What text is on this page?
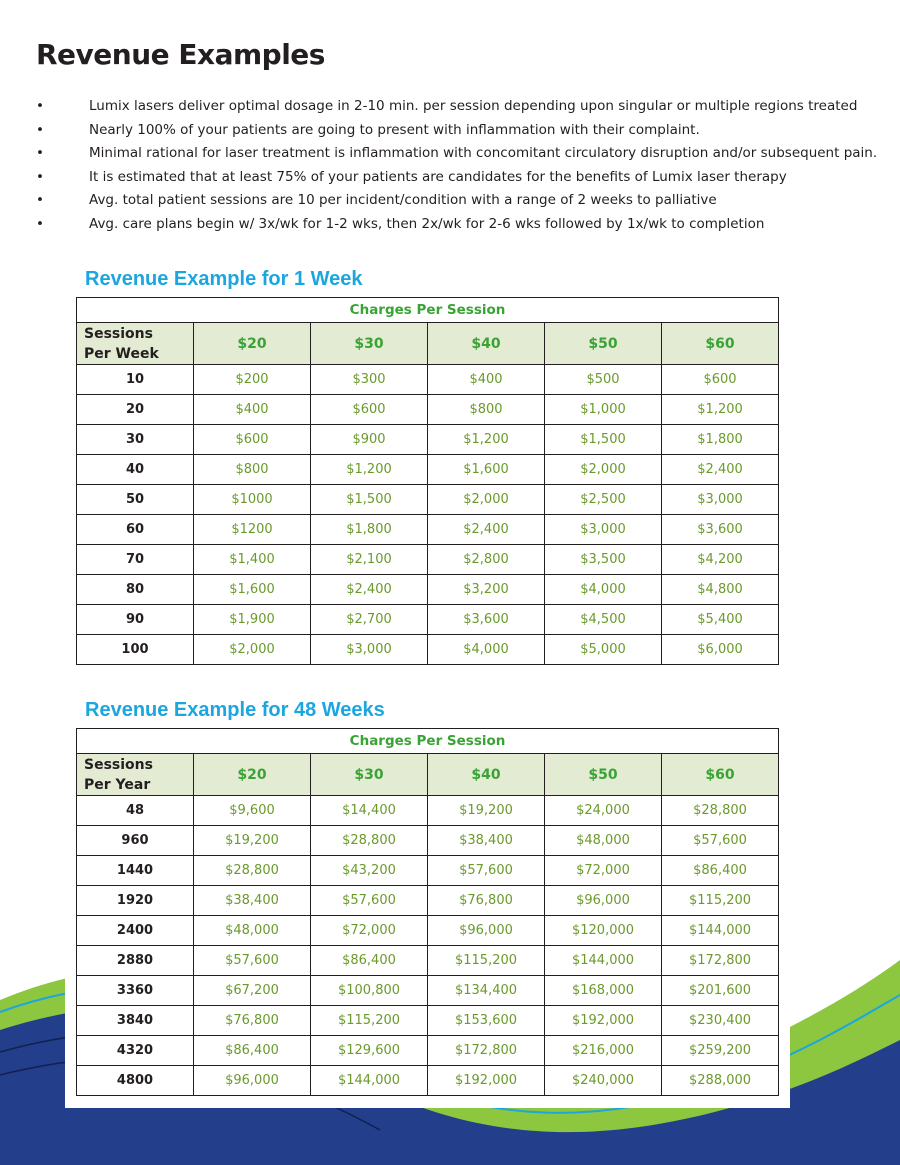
Revenue Examples
• Lumix lasers deliver optimal dosage in 2-10 min. per session depending upon singular or multiple regions treated
• Nearly 100% of your patients are going to present with inflammation with their complaint.
• Minimal rational for laser treatment is inflammation with concomitant circulatory disruption and/or subsequent pain.
• It is estimated that at least 75% of your patients are candidates for the benefits of Lumix laser therapy
• Avg. total patient sessions are 10 per incident/condition with a range of 2 weeks to palliative
• Avg. care plans begin w/ 3x/wk for 1-2 wks, then 2x/wk for 2-6 wks followed by 1x/wk to completion
Revenue Example for 1 Week
Charges Per Session					
Sessions
Per Week	$20	$30	$40	$50	$60
10	$200	$300	$400	$500	$600
20	$400	$600	$800	$1,000	$1,200
30	$600	$900	$1,200	$1,500	$1,800
40	$800	$1,200	$1,600	$2,000	$2,400
50	$1000	$1,500	$2,000	$2,500	$3,000
60	$1200	$1,800	$2,400	$3,000	$3,600
70	$1,400	$2,100	$2,800	$3,500	$4,200
80	$1,600	$2,400	$3,200	$4,000	$4,800
90	$1,900	$2,700	$3,600	$4,500	$5,400
100	$2,000	$3,000	$4,000	$5,000	$6,000
Revenue Example for 48 Weeks
Charges Per Session					
Sessions
Per Year	$20	$30	$40	$50	$60
48	$9,600	$14,400	$19,200	$24,000	$28,800
960	$19,200	$28,800	$38,400	$48,000	$57,600
1440	$28,800	$43,200	$57,600	$72,000	$86,400
1920	$38,400	$57,600	$76,800	$96,000	$115,200
2400	$48,000	$72,000	$96,000	$120,000	$144,000
2880	$57,600	$86,400	$115,200	$144,000	$172,800
3360	$67,200	$100,800	$134,400	$168,000	$201,600
3840	$76,800	$115,200	$153,600	$192,000	$230,400
4320	$86,400	$129,600	$172,800	$216,000	$259,200
4800	$96,000	$144,000	$192,000	$240,000	$288,000
